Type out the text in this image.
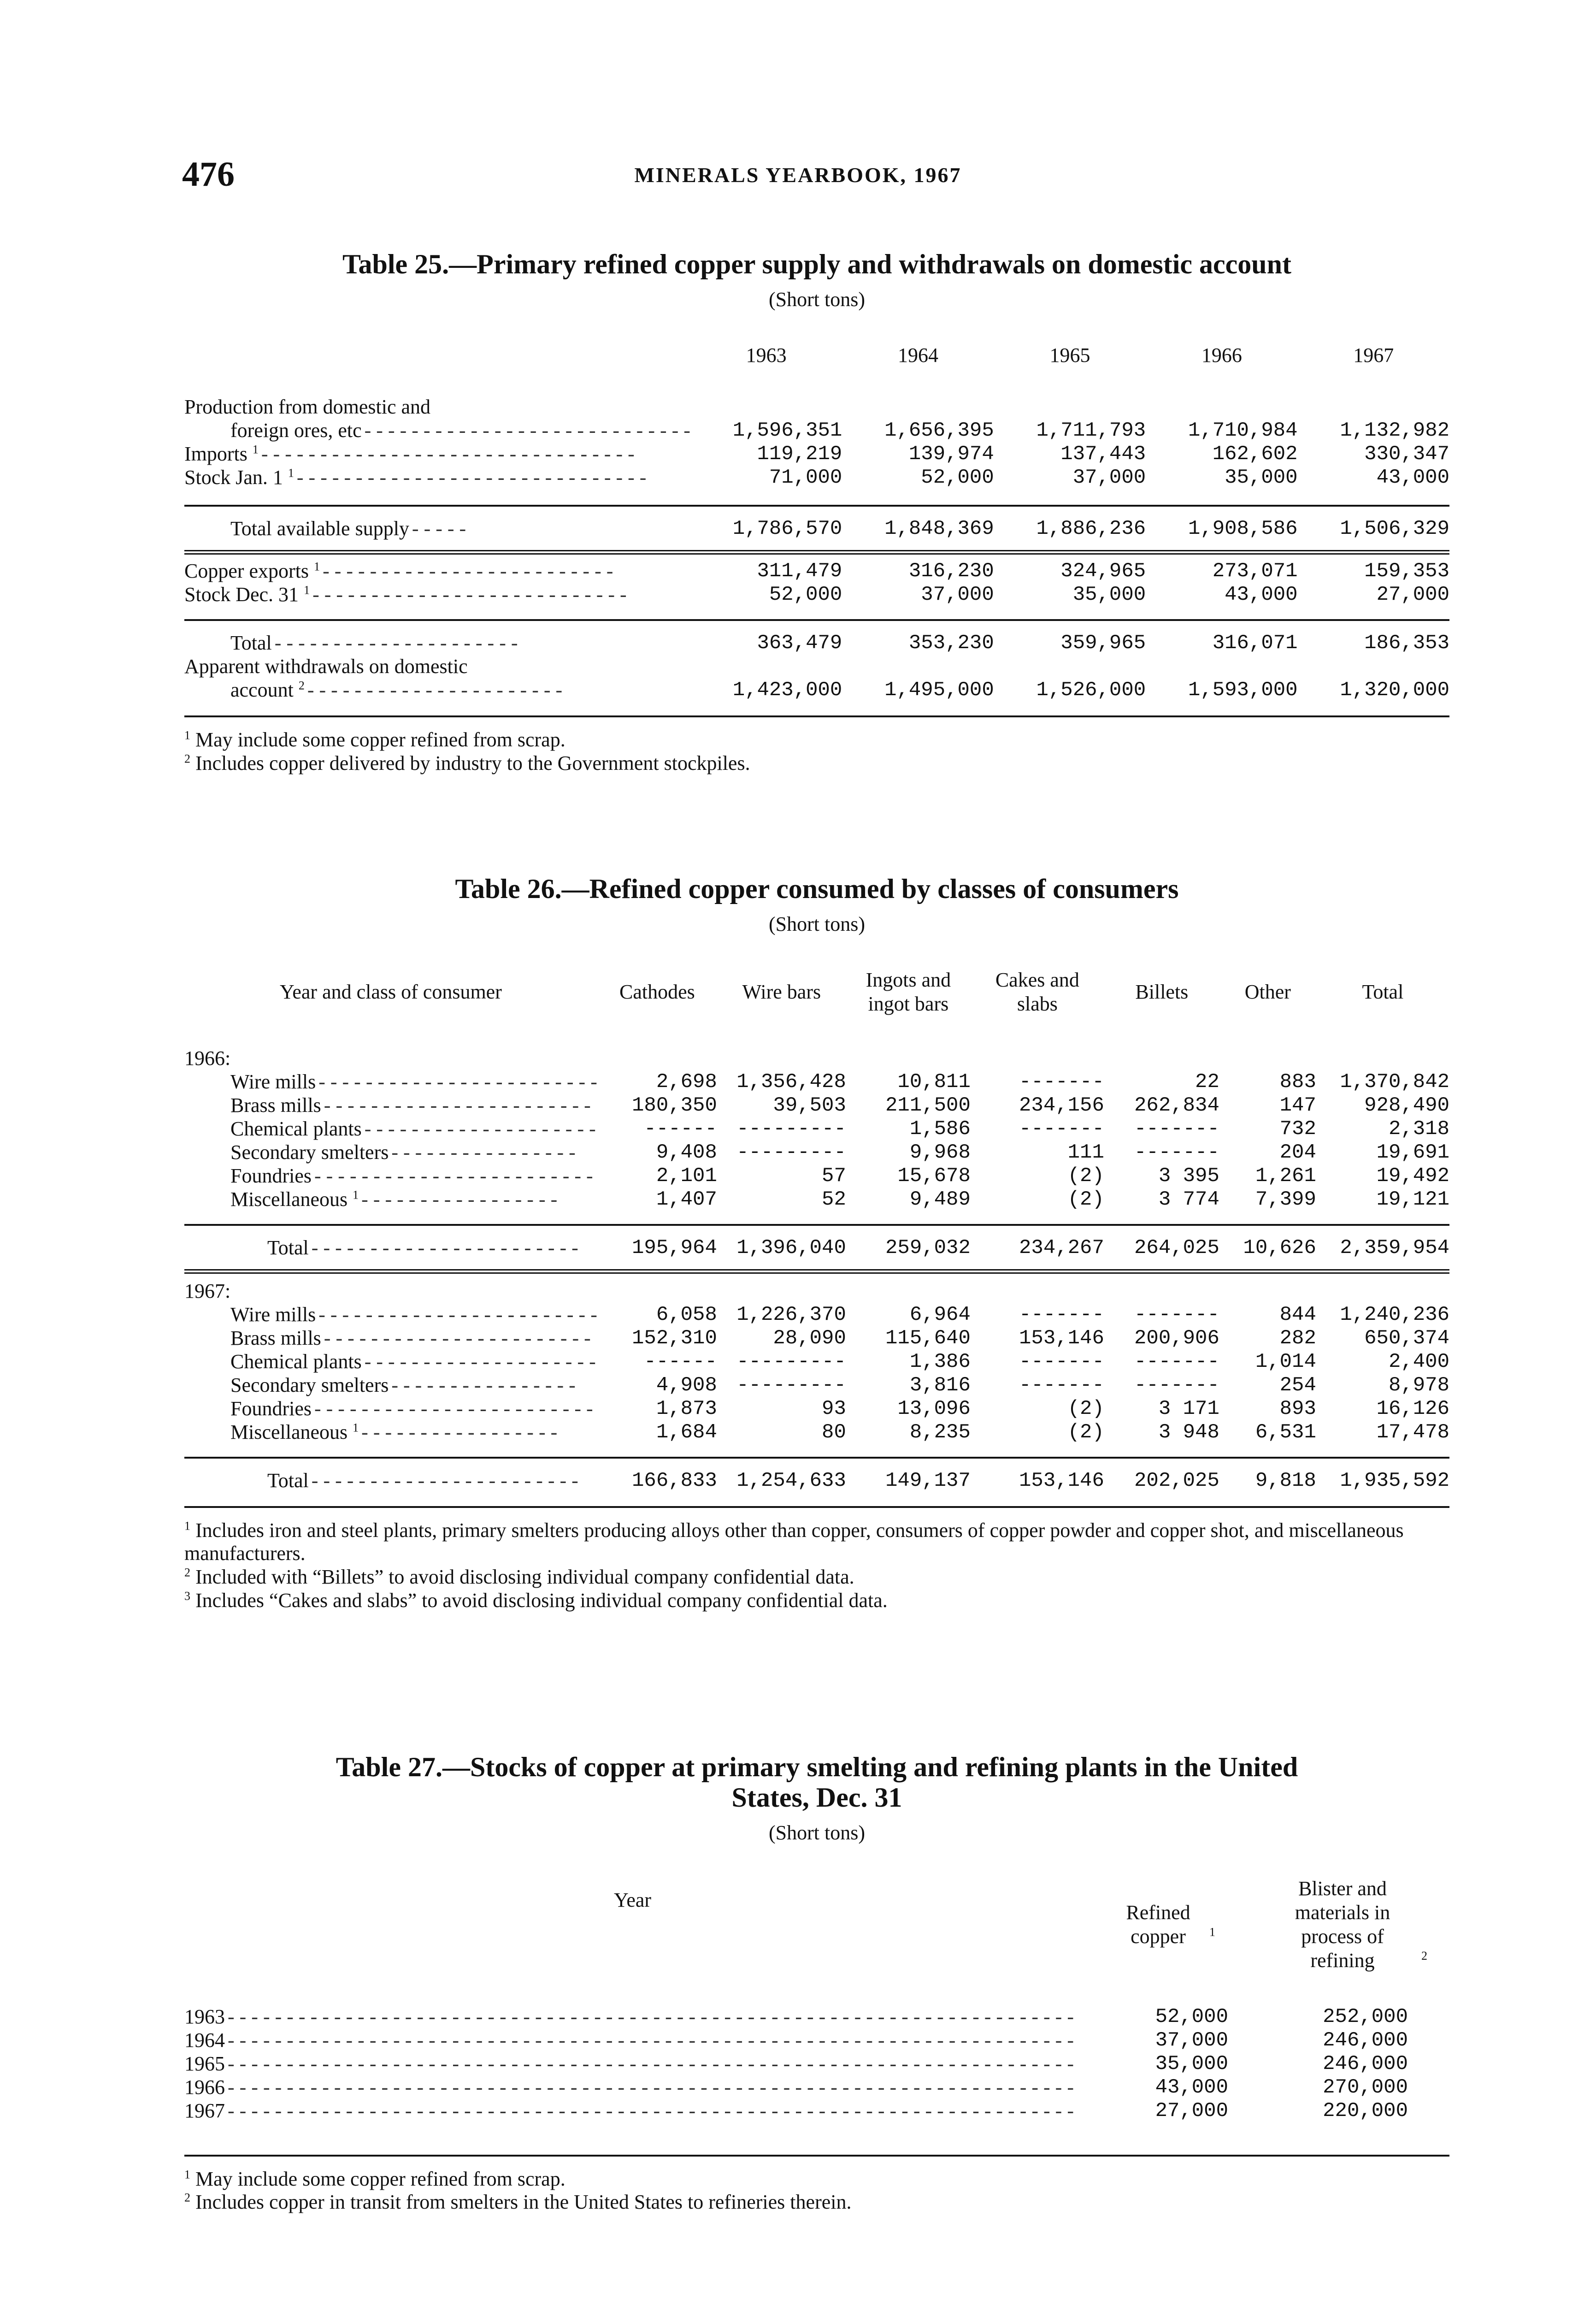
476	MINERALS YEARBOOK, 1967
Table 25.—Primary refined copper supply and withdrawals on domestic account
(Short tons)
	1963	1964	1965	1966	1967

Production from domestic and					
foreign ores, etc - - - - - - - - - - - - - - - - - - - - - - - - - - - -	1,596,351	1,656,395	1,711,793	1,710,984	1,132,982
Imports $^1$ - - - - - - - - - - - - - - - - - - - - - - - - - - - - - - - -	119,219	139,974	137,443	162,602	330,347
Stock Jan. 1 $^1$ - - - - - - - - - - - - - - - - - - - - - - - - - - - - - -	71,000	52,000	37,000	35,000	43,000

Total available supply - - - - -	1,786,570	1,848,369	1,886,236	1,908,586	1,506,329

Copper exports $^1$ - - - - - - - - - - - - - - - - - - - - - - - - -	311,479	316,230	324,965	273,071	159,353
Stock Dec. 31 $^1$ - - - - - - - - - - - - - - - - - - - - - - - - - - -	52,000	37,000	35,000	43,000	27,000

Total - - - - - - - - - - - - - - - - - - - - -	363,479	353,230	359,965	316,071	186,353
Apparent withdrawals on domestic					
account $^2$ - - - - - - - - - - - - - - - - - - - - - -	1,423,000	1,495,000	1,526,000	1,593,000	1,320,000
$^1$ May include some copper refined from scrap.
$^2$ Includes copper delivered by industry to the Government stockpiles.
Table 26.—Refined copper consumed by classes of consumers
(Short tons)
Year and class of consumer	Cathodes	Wire bars	Ingots and ingot bars	Cakes and slabs	Billets	Other	Total

1966:							
Wire mills - - - - - - - - - - - - - - - - - - - - - - - -	2,698	1,356,428	10,811	-------	22	883	1,370,842
Brass mills - - - - - - - - - - - - - - - - - - - - - - -	180,350	39,503	211,500	234,156	262,834	147	928,490
Chemical plants - - - - - - - - - - - - - - - - - - - -	------	---------	1,586	-------	-------	732	2,318
Secondary smelters - - - - - - - - - - - - - - - -	9,408	---------	9,968	111	-------	204	19,691
Foundries - - - - - - - - - - - - - - - - - - - - - - - -	2,101	57	15,678	(2)	3 395	1,261	19,492
Miscellaneous $^1$ - - - - - - - - - - - - - - - - -	1,407	52	9,489	(2)	3 774	7,399	19,121

Total - - - - - - - - - - - - - - - - - - - - - - -	195,964	1,396,040	259,032	234,267	264,025	10,626	2,359,954

1967:							
Wire mills - - - - - - - - - - - - - - - - - - - - - - - -	6,058	1,226,370	6,964	-------	-------	844	1,240,236
Brass mills - - - - - - - - - - - - - - - - - - - - - - -	152,310	28,090	115,640	153,146	200,906	282	650,374
Chemical plants - - - - - - - - - - - - - - - - - - - -	------	---------	1,386	-------	-------	1,014	2,400
Secondary smelters - - - - - - - - - - - - - - - -	4,908	---------	3,816	-------	-------	254	8,978
Foundries - - - - - - - - - - - - - - - - - - - - - - - -	1,873	93	13,096	(2)	3 171	893	16,126
Miscellaneous $^1$ - - - - - - - - - - - - - - - - -	1,684	80	8,235	(2)	3 948	6,531	17,478

Total - - - - - - - - - - - - - - - - - - - - - - -	166,833	1,254,633	149,137	153,146	202,025	9,818	1,935,592
$^1$ Includes iron and steel plants, primary smelters producing alloys other than copper, consumers of copper powder and copper shot, and miscellaneous manufacturers.
$^2$ Included with “Billets” to avoid disclosing individual company confidential data.
$^3$ Includes “Cakes and slabs” to avoid disclosing individual company confidential data.
Table 27.—Stocks of copper at primary smelting and refining plants in the United
States, Dec. 31
(Short tons)
Year	Refined copper $^1$	Blister and materials in process of refining $^2$

1963 - - - - - - - - - - - - - - - - - - - - - - - - - - - - - - - - - - - - - - - - - - - - - - - - - - - - - - - - - - - - - - - - - - - - - - - -	52,000	252,000
1964 - - - - - - - - - - - - - - - - - - - - - - - - - - - - - - - - - - - - - - - - - - - - - - - - - - - - - - - - - - - - - - - - - - - - - - - -	37,000	246,000
1965 - - - - - - - - - - - - - - - - - - - - - - - - - - - - - - - - - - - - - - - - - - - - - - - - - - - - - - - - - - - - - - - - - - - - - - - -	35,000	246,000
1966 - - - - - - - - - - - - - - - - - - - - - - - - - - - - - - - - - - - - - - - - - - - - - - - - - - - - - - - - - - - - - - - - - - - - - - - -	43,000	270,000
1967 - - - - - - - - - - - - - - - - - - - - - - - - - - - - - - - - - - - - - - - - - - - - - - - - - - - - - - - - - - - - - - - - - - - - - - - -	27,000	220,000
$^1$ May include some copper refined from scrap.
$^2$ Includes copper in transit from smelters in the United States to refineries therein.
